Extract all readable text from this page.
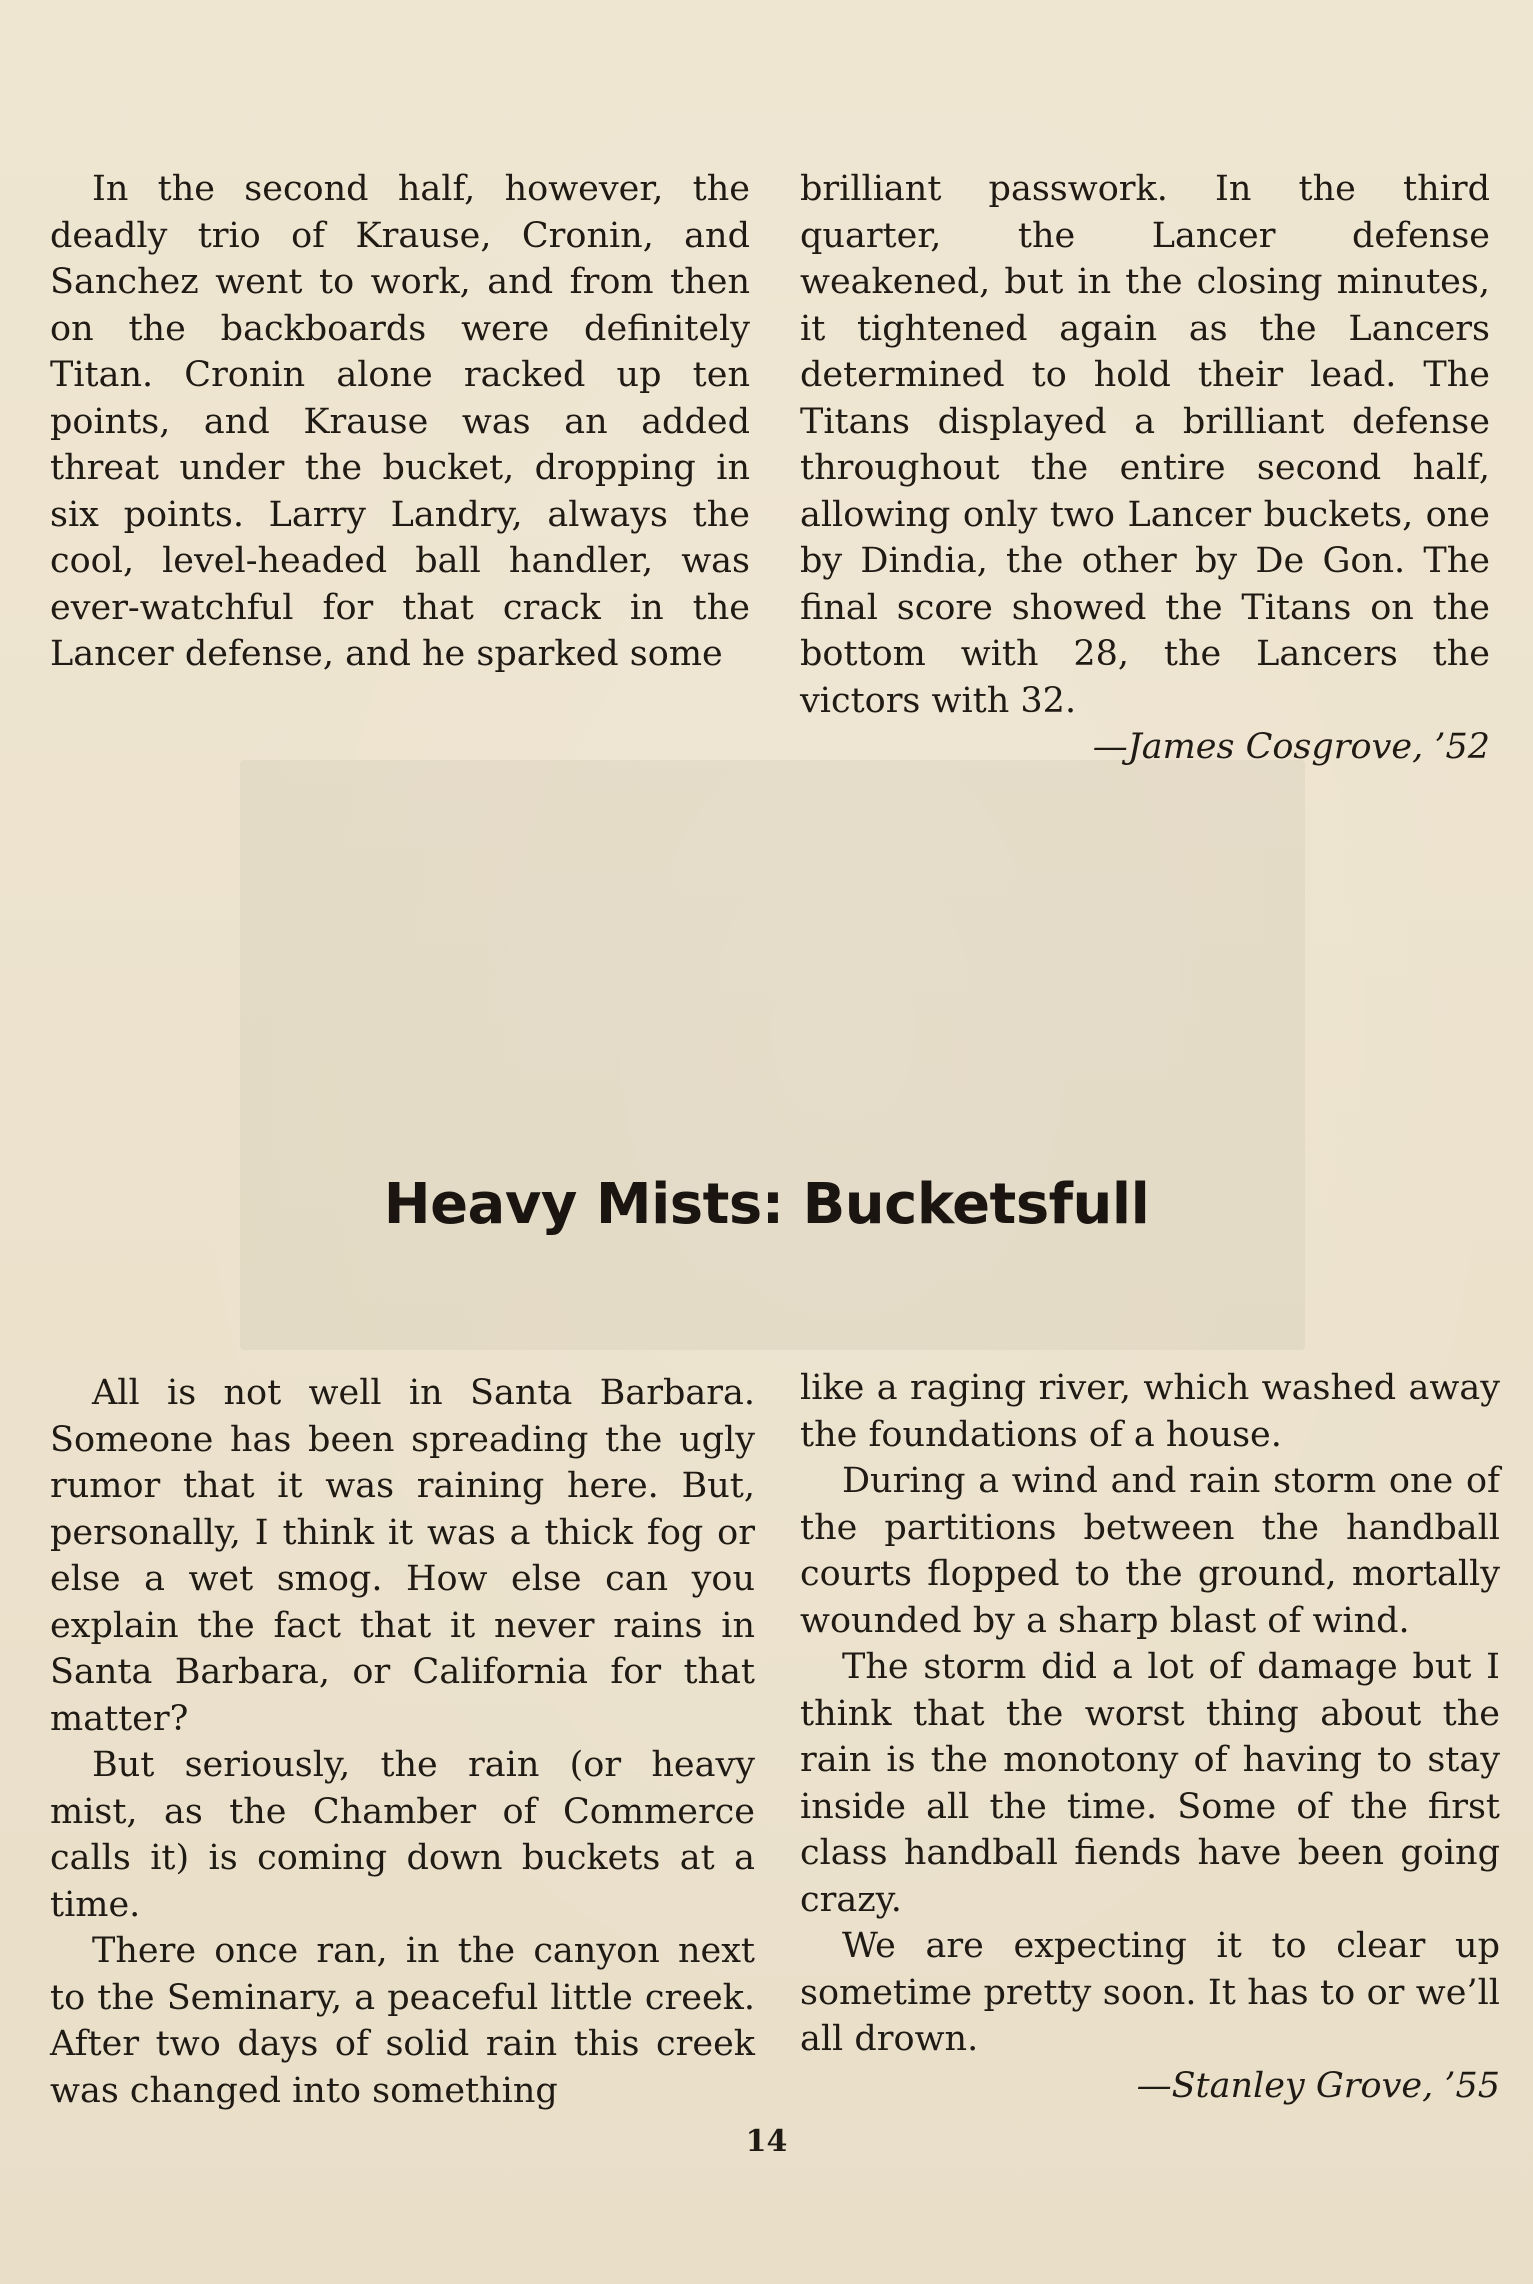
In the second half, however, the deadly trio of Krause, Cronin, and Sanchez went to work, and from then on the backboards were definitely Titan. Cronin alone racked up ten points, and Krause was an added threat under the bucket, dropping in six points. Larry Landry, always the cool, level-headed ball handler, was ever-watchful for that crack in the Lancer defense, and he sparked some

brilliant passwork. In the third quarter, the Lancer defense weakened, but in the closing minutes, it tightened again as the Lancers determined to hold their lead. The Titans displayed a brilliant defense throughout the entire second half, allowing only two Lancer buckets, one by Dindia, the other by De Gon. The final score showed the Titans on the bottom with 28, the Lancers the victors with 32.

—James Cosgrove, ’52

Heavy Mists: Bucketsfull

All is not well in Santa Barbara. Someone has been spreading the ugly rumor that it was raining here. But, personally, I think it was a thick fog or else a wet smog. How else can you explain the fact that it never rains in Santa Barbara, or California for that matter?

But seriously, the rain (or heavy mist, as the Chamber of Commerce calls it) is coming down buckets at a time.

There once ran, in the canyon next to the Seminary, a peaceful little creek. After two days of solid rain this creek was changed into something

like a raging river, which washed away the foundations of a house.

During a wind and rain storm one of the partitions between the handball courts flopped to the ground, mortally wounded by a sharp blast of wind.

The storm did a lot of damage but I think that the worst thing about the rain is the monotony of having to stay inside all the time. Some of the first class handball fiends have been going crazy.

We are expecting it to clear up sometime pretty soon. It has to or we’ll all drown.

—Stanley Grove, ’55

14
